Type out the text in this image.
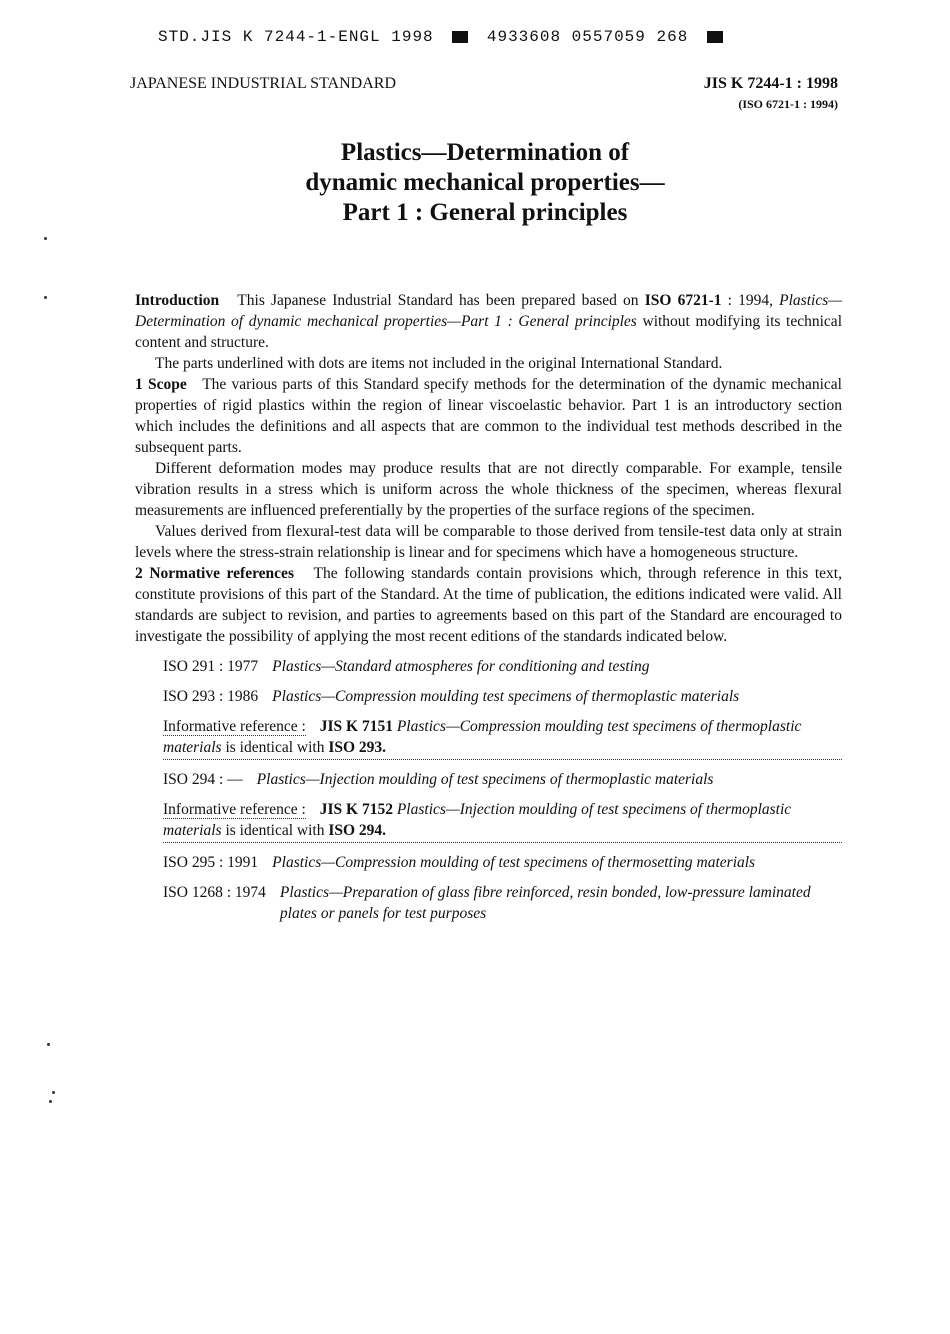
STD.JIS K 7244-1-ENGL 1998	4933608 0557059 268
JAPANESE INDUSTRIAL STANDARD	JIS K 7244-1 : 1998
(ISO 6721-1 : 1994)
Plastics—Determination of
dynamic mechanical properties—
Part 1 : General principles

Introduction This Japanese Industrial Standard has been prepared based on ISO 6721-1 : 1994, Plastics—Determination of dynamic mechanical properties—Part 1 : General principles without modifying its technical content and structure.

The parts underlined with dots are items not included in the original International Standard.

1 Scope The various parts of this Standard specify methods for the determination of the dynamic mechanical properties of rigid plastics within the region of linear viscoelastic behavior. Part 1 is an introductory section which includes the definitions and all aspects that are common to the individual test methods described in the subsequent parts.

Different deformation modes may produce results that are not directly comparable. For example, tensile vibration results in a stress which is uniform across the whole thickness of the specimen, whereas flexural measurements are influenced preferentially by the properties of the surface regions of the specimen.

Values derived from flexural-test data will be comparable to those derived from tensile-test data only at strain levels where the stress-strain relationship is linear and for specimens which have a homogeneous structure.

2 Normative references The following standards contain provisions which, through reference in this text, constitute provisions of this part of the Standard. At the time of publication, the editions indicated were valid. All standards are subject to revision, and parties to agreements based on this part of the Standard are encouraged to investigate the possibility of applying the most recent editions of the standards indicated below.

ISO 291 : 1977 Plastics—Standard atmospheres for conditioning and testing
ISO 293 : 1986 Plastics—Compression moulding test specimens of thermoplastic materials
Informative reference : JIS K 7151 Plastics—Compression moulding test specimens of thermoplastic materials is identical with ISO 293.
ISO 294 : — Plastics—Injection moulding of test specimens of thermoplastic materials
Informative reference : JIS K 7152 Plastics—Injection moulding of test specimens of thermoplastic materials is identical with ISO 294.
ISO 295 : 1991 Plastics—Compression moulding of test specimens of thermosetting materials
ISO 1268 : 1974 Plastics—Preparation of glass fibre reinforced, resin bonded, low-pressure laminated plates or panels for test purposes
